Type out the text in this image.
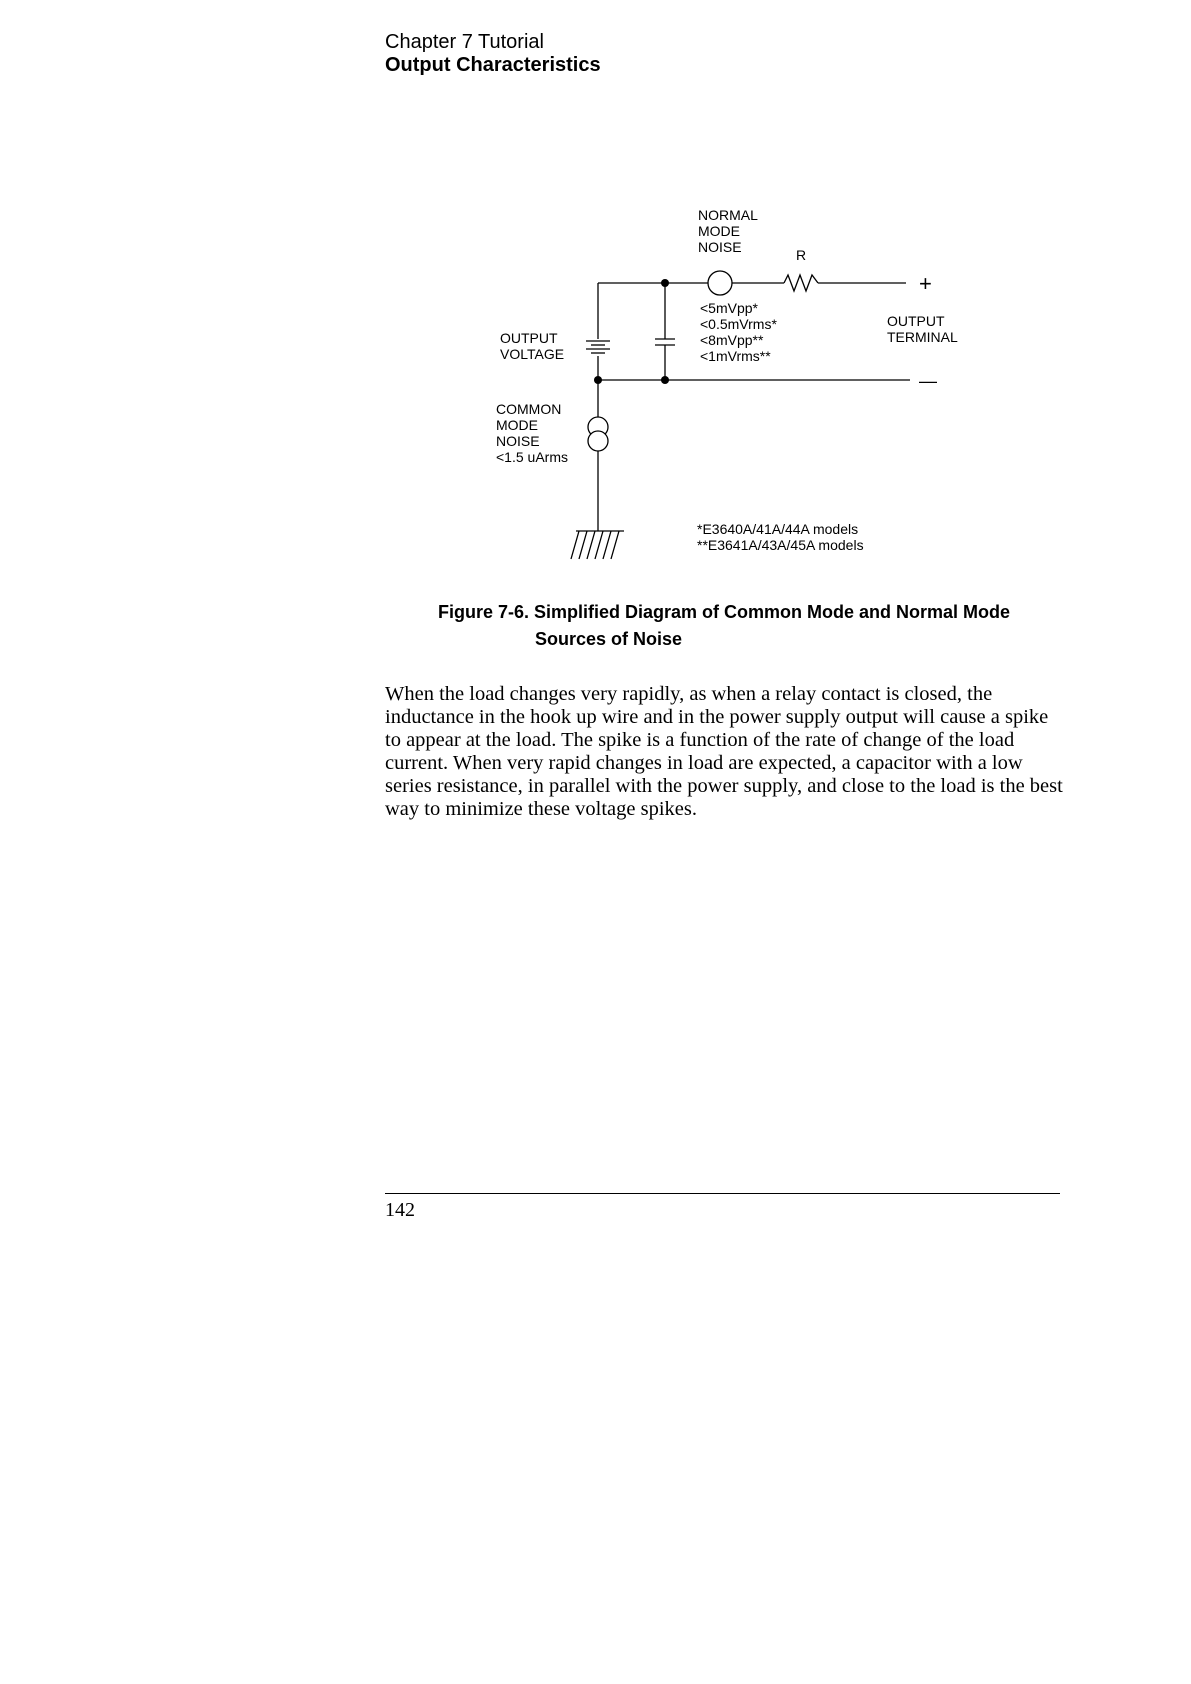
Chapter 7 Tutorial
Output Characteristics
NORMAL
MODE
NOISE	R
<5mVpp*
<0.5mVrms*
<8mVpp**
<1mVrms**
OUTPUT
VOLTAGE
OUTPUT
TERMINAL
+
—
COMMON
MODE
NOISE
<1.5 uArms
*E3640A/41A/44A models
**E3641A/43A/45A models
Figure 7-6. Simplified Diagram of Common Mode and Normal Mode
Sources of Noise

When the load changes very rapidly, as when a relay contact is closed, the inductance in the hook up wire and in the power supply output will cause a spike to appear at the load. The spike is a function of the rate of change of the load current. When very rapid changes in load are expected, a capacitor with a low series resistance, in parallel with the power supply, and close to the load is the best way to minimize these voltage spikes.

142
